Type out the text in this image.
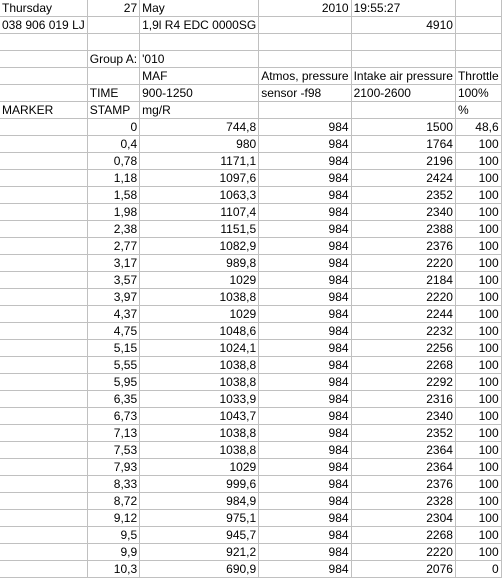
Thursday	27	May	2010	19:55:27	
038 906 019 LJ		1,9l R4 EDC 0000SG		4910	

	Group A:	'010			
		MAF	Atmos, pressure	Intake air pressure	Throttle
	TIME	900-1250	sensor -f98	2100-2600	100%
MARKER	STAMP	mg/R			%
	0	744,8	984	1500	48,6
	0,4	980	984	1764	100
	0,78	1171,1	984	2196	100
	1,18	1097,6	984	2424	100
	1,58	1063,3	984	2352	100
	1,98	1107,4	984	2340	100
	2,38	1151,5	984	2388	100
	2,77	1082,9	984	2376	100
	3,17	989,8	984	2220	100
	3,57	1029	984	2184	100
	3,97	1038,8	984	2220	100
	4,37	1029	984	2244	100
	4,75	1048,6	984	2232	100
	5,15	1024,1	984	2256	100
	5,55	1038,8	984	2268	100
	5,95	1038,8	984	2292	100
	6,35	1033,9	984	2316	100
	6,73	1043,7	984	2340	100
	7,13	1038,8	984	2352	100
	7,53	1038,8	984	2364	100
	7,93	1029	984	2364	100
	8,33	999,6	984	2376	100
	8,72	984,9	984	2328	100
	9,12	975,1	984	2304	100
	9,5	945,7	984	2268	100
	9,9	921,2	984	2220	100
	10,3	690,9	984	2076	0
